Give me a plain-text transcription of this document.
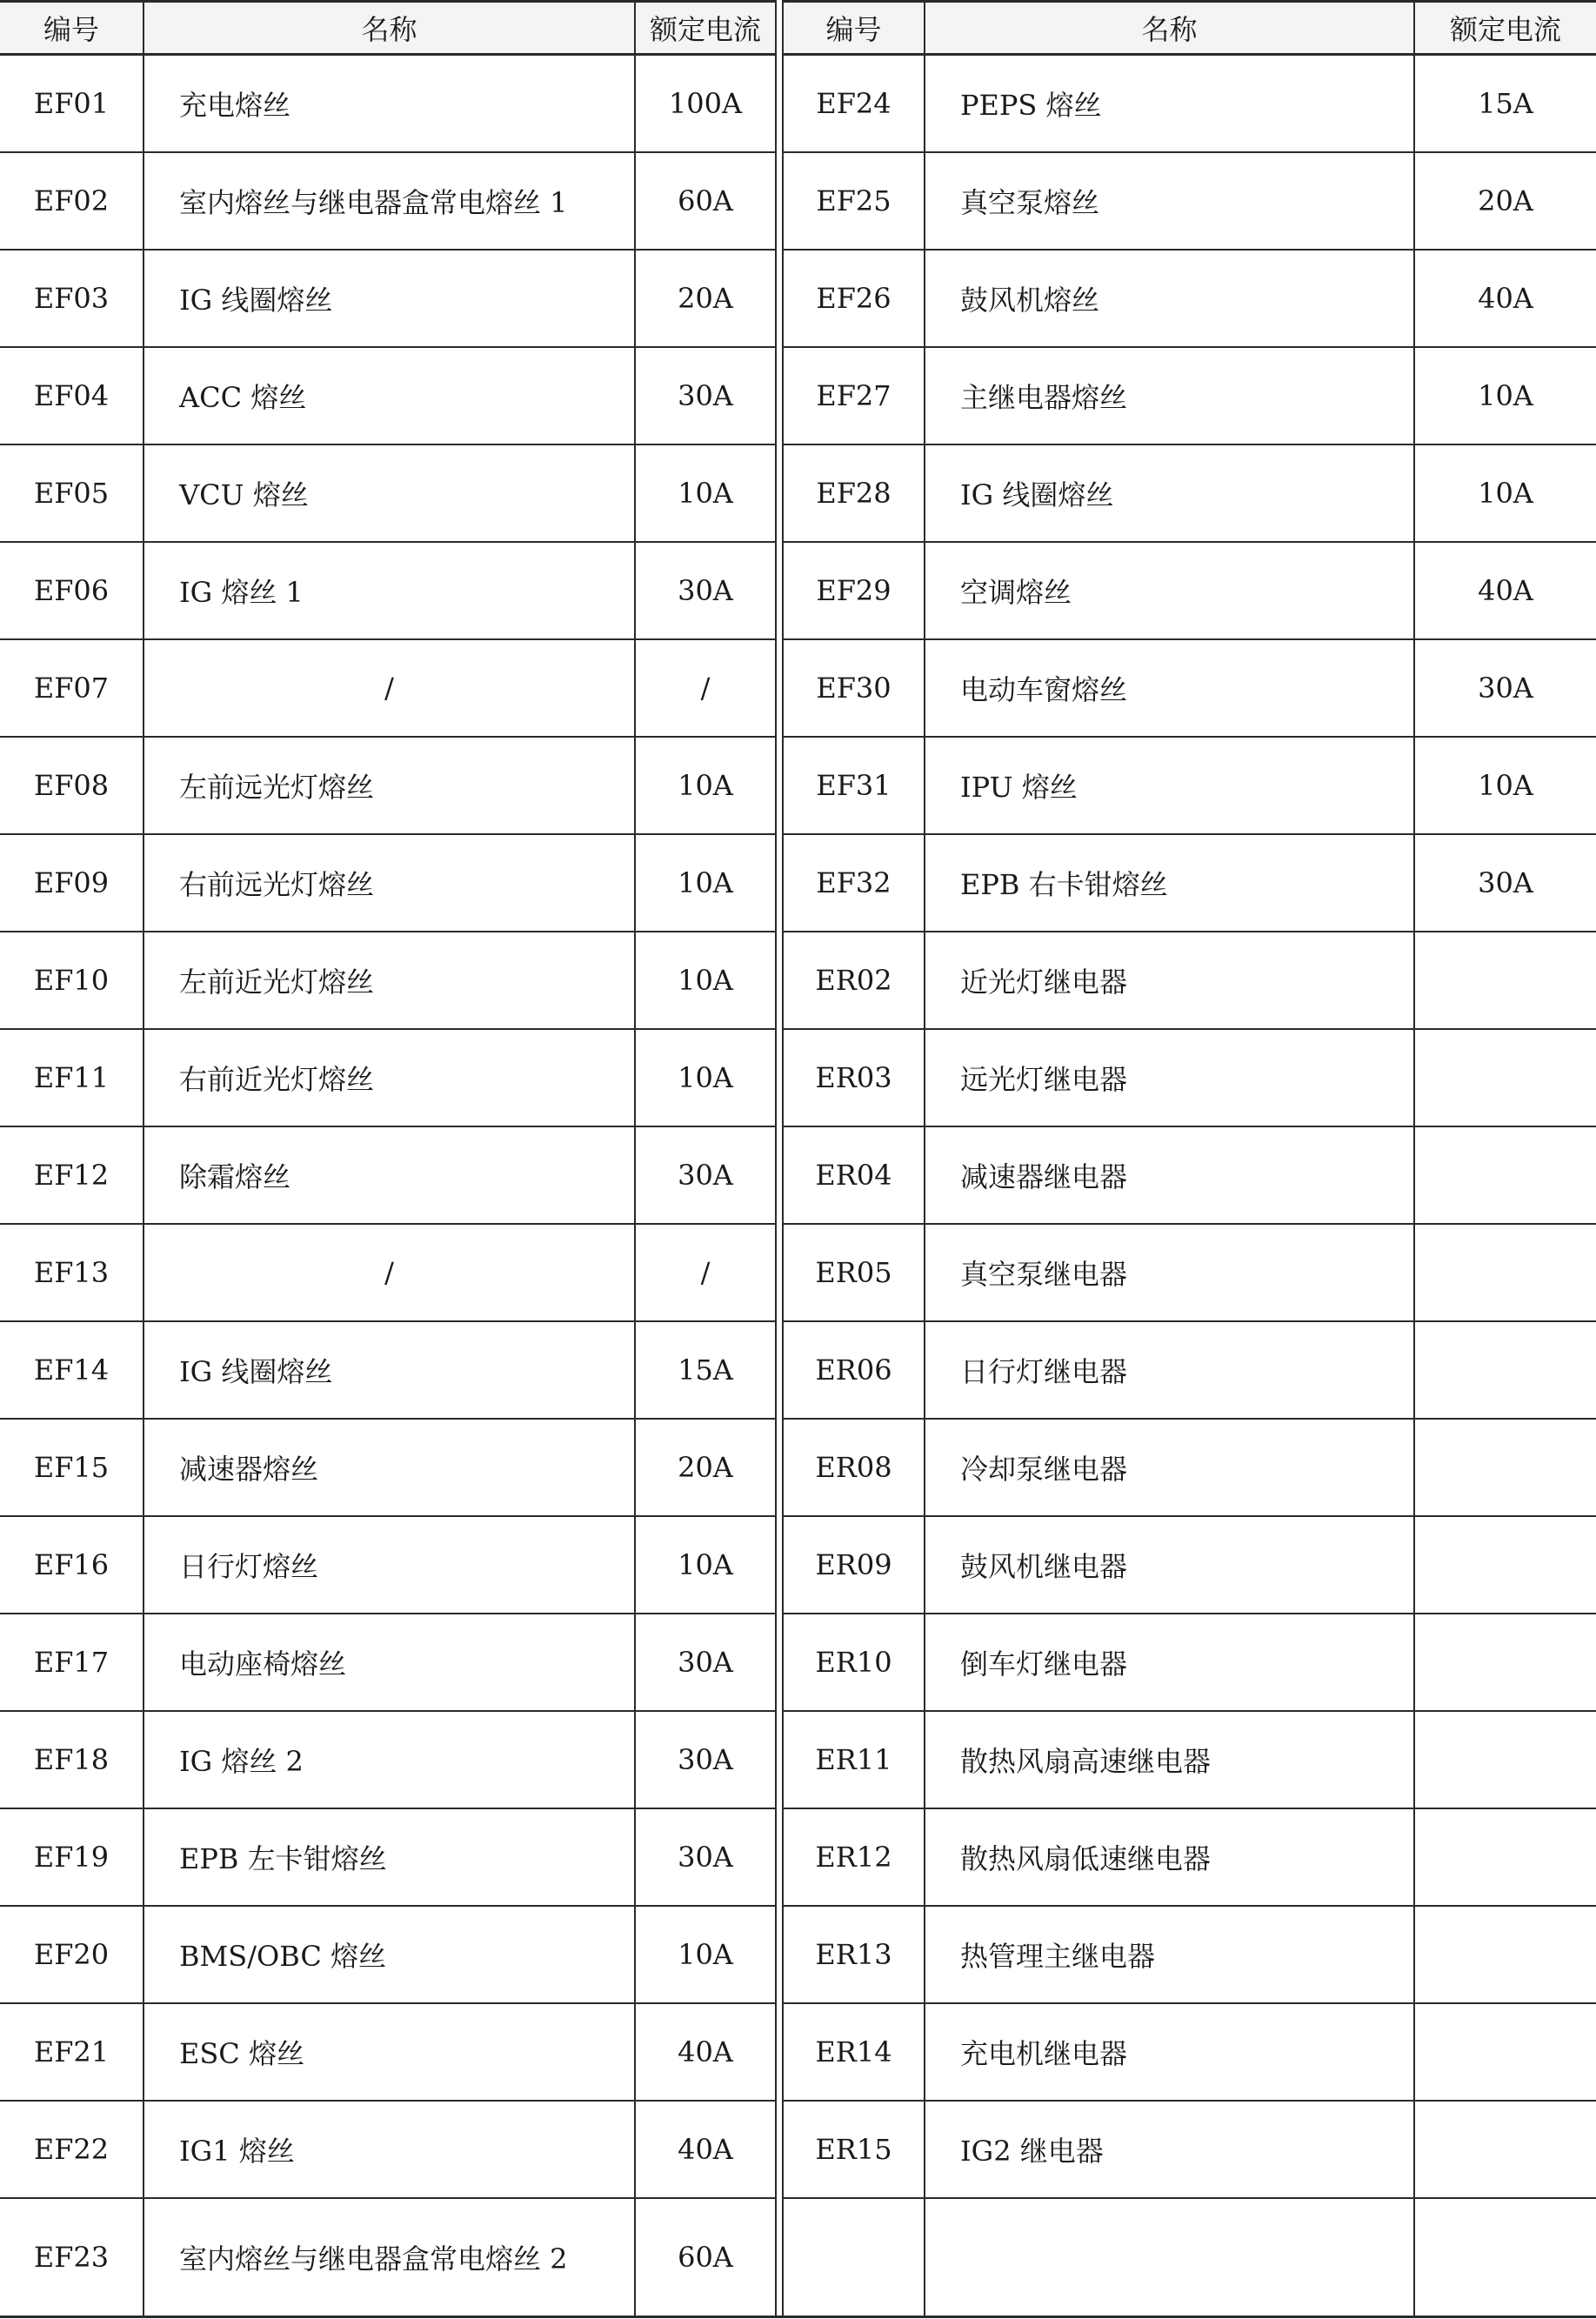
编号	名称	额定电流		编号	名称	额定电流
EF01	充电熔丝	100A		EF24	PEPS 熔丝	15A
EF02	室内熔丝与继电器盒常电熔丝 1	60A		EF25	真空泵熔丝	20A
EF03	IG 线圈熔丝	20A		EF26	鼓风机熔丝	40A
EF04	ACC 熔丝	30A		EF27	主继电器熔丝	10A
EF05	VCU 熔丝	10A		EF28	IG 线圈熔丝	10A
EF06	IG 熔丝 1	30A		EF29	空调熔丝	40A
EF07	/	/		EF30	电动车窗熔丝	30A
EF08	左前远光灯熔丝	10A		EF31	IPU 熔丝	10A
EF09	右前远光灯熔丝	10A		EF32	EPB 右卡钳熔丝	30A
EF10	左前近光灯熔丝	10A		ER02	近光灯继电器	
EF11	右前近光灯熔丝	10A		ER03	远光灯继电器	
EF12	除霜熔丝	30A		ER04	减速器继电器	
EF13	/	/		ER05	真空泵继电器	
EF14	IG 线圈熔丝	15A		ER06	日行灯继电器	
EF15	减速器熔丝	20A		ER08	冷却泵继电器	
EF16	日行灯熔丝	10A		ER09	鼓风机继电器	
EF17	电动座椅熔丝	30A		ER10	倒车灯继电器	
EF18	IG 熔丝 2	30A		ER11	散热风扇高速继电器	
EF19	EPB 左卡钳熔丝	30A		ER12	散热风扇低速继电器	
EF20	BMS/OBC 熔丝	10A		ER13	热管理主继电器	
EF21	ESC 熔丝	40A		ER14	充电机继电器	
EF22	IG1 熔丝	40A		ER15	IG2 继电器	
EF23	室内熔丝与继电器盒常电熔丝 2	60A				
